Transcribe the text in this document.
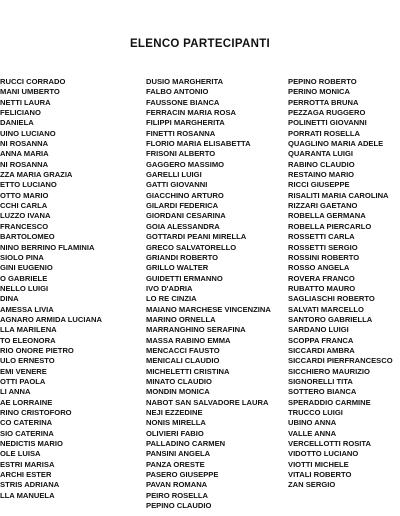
ELENCO PARTECIPANTI
RUCCI CORRADO
MANI UMBERTO
NETTI LAURA
FELICIANO
DANIELA
UINO LUCIANO
NI ROSANNA
ANNA MARIA
NI ROSANNA
ZZA MARIA GRAZIA
ETTO LUCIANO
OTTO MARIO
CCHI CARLA
LUZZO IVANA
FRANCESCO
BARTOLOMEO
NINO BERRINO FLAMINIA
SIOLO PINA
GINI EUGENIO
O GABRIELE
NELLO LUIGI
DINA
AMESSA LIVIA
AGNARO ARMIDA LUCIANA
LLA MARILENA
TO ELEONORA
RIO ONORE PIETRO
ULO ERNESTO
EMI VENERE
OTTI PAOLA
LI ANNA
AE LORRAINE
RINO CRISTOFORO
CO CATERINA
SIO CATERINA
NEDICTIS MARIO
OLE LUISA
ESTRI MARISA
ARCHI ESTER
STRIS ADRIANA
LLA MANUELA
DUSIO MARGHERITA
FALBO ANTONIO
FAUSSONE BIANCA
FERRACIN MARIA ROSA
FILIPPI MARGHERITA
FINETTI ROSANNA
FLORIO MARIA ELISABETTA
FRISONI ALBERTO
GAGGERO MASSIMO
GARELLI LUIGI
GATTI GIOVANNI
GIACCHINO ARTURO
GILARDI FEDERICA
GIORDANI CESARINA
GOIA ALESSANDRA
GOTTARDI PEANI MIRELLA
GRECO SALVATORELLO
GRIANDI ROBERTO
GRILLO WALTER
GUIDETTI ERMANNO
IVO D'ADRIA
LO RE CINZIA
MAIANO MARCHESE VINCENZINA
MARINO ORNELLA
MARRANGHINO SERAFINA
MASSA RABINO EMMA
MENCACCI FAUSTO
MENICALI CLAUDIO
MICHELETTI CRISTINA
MINATO CLAUDIO
MONDIN MONICA
NABOT SAN SALVADORE LAURA
NEJI EZZEDINE
NONIS MIRELLA
OLIVIERI FABIO
PALLADINO CARMEN
PANSINI ANGELA
PANZA ORESTE
PASERO GIUSEPPE
PAVAN ROMANA
PEIRO ROSELLA
PEPINO CLAUDIO
PEPINO ROBERTO
PERINO MONICA
PERROTTA BRUNA
PEZZAGA RUGGERO
POLINETTI GIOVANNI
PORRATI ROSELLA
QUAGLINO MARIA ADELE
QUARANTA LUIGI
RABINO CLAUDIO
RESTAINO MARIO
RICCI GIUSEPPE
RISALITI MARIA CAROLINA
RIZZARI GAETANO
ROBELLA GERMANA
ROBELLA PIERCARLO
ROSSETTI CARLA
ROSSETTI SERGIO
ROSSINI ROBERTO
ROSSO ANGELA
ROVERA FRANCO
RUBATTO MAURO
SAGLIASCHI ROBERTO
SALVATI MARCELLO
SANTORO GABRIELLA
SARDANO LUIGI
SCOPPA FRANCA
SICCARDI AMBRA
SICCARDI PIERFRANCESCO
SICCHIERO MAURIZIO
SIGNORELLI TITA
SOTTERO BIANCA
SPERADDIO CARMINE
TRUCCO LUIGI
UBINO ANNA
VALLE ANNA
VERCELLOTTI ROSITA
VIDOTTO LUCIANO
VIOTTI MICHELE
VITALI ROBERTO
ZAN SERGIO
